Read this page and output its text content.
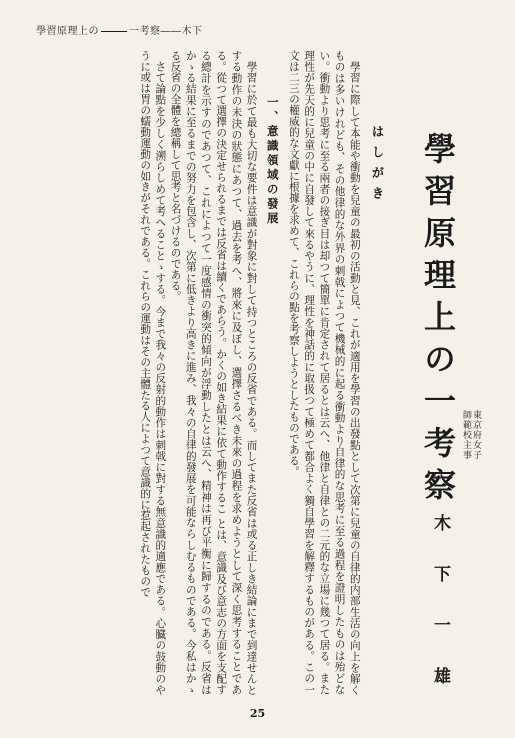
學習原理上の	一考察――木下
はしがき

學習に際して本能や衝動を兒童の最初の活動と見、これが適用を學習の出發點として次第に兒童の自律的内部生活の向上を解くものは多いけれども、その他律的な外界の刺戟によつて機械的に起る衝動より自律的な思考に至る過程を證明したものは殆どない。衝動より思考に至る兩者の接ぎ目は却つて簡單に肯定されて居るとは云へ、他律と自律との二元的な立場に幾つて居る。また理性が先天的に兒童の中に自發して來るやうに、理性を神話的に取扱つて極めて都合よく獨自學習を解釋するものがある。この一文は二三の權威的な文獻に根據を求めて、これらの點を考察しようとしたものである。

一、意識領域の發展

學習に於て最も大切な要件は意識が對象に對して持つところの反省である。而してまた反省は或る正しき結論にまで到達せんとする動作の未決の狀態にあつて、過去を考へ、將來に及ぼし、選擇さるべき未來の過程を求めようとして深く思考することである。從つて選擇の決定せられるまでは反省は續くであらう。かくの如き結果に依て動作するこ とは、意識及び意志の方面を支配する總計を示すのであつて、これによつて一度感情の衝突的傾向が浮動したとは云へ、精神は再び平衡に歸するのである。反省はかゝる結果に至るまでの努力を包含し、次第に低きより高きに進み、我々の自律的發展を可能ならしむるものである。今私はかゝる反省の全體を總稱して思考と名づけるのである。

さて論點を少しく溯らしめて考へることゝする。今まで我々の反射的動作は刺戟に對する無意識的適應である。心臓の鼓動のやうに或は胃の蠕動運動の如きがそれである。これらの運動はその主體たる人によつて意識的に惹起されたもので	學習原理上の一考察	東京府女子
師範校主事
木下一雄
25
